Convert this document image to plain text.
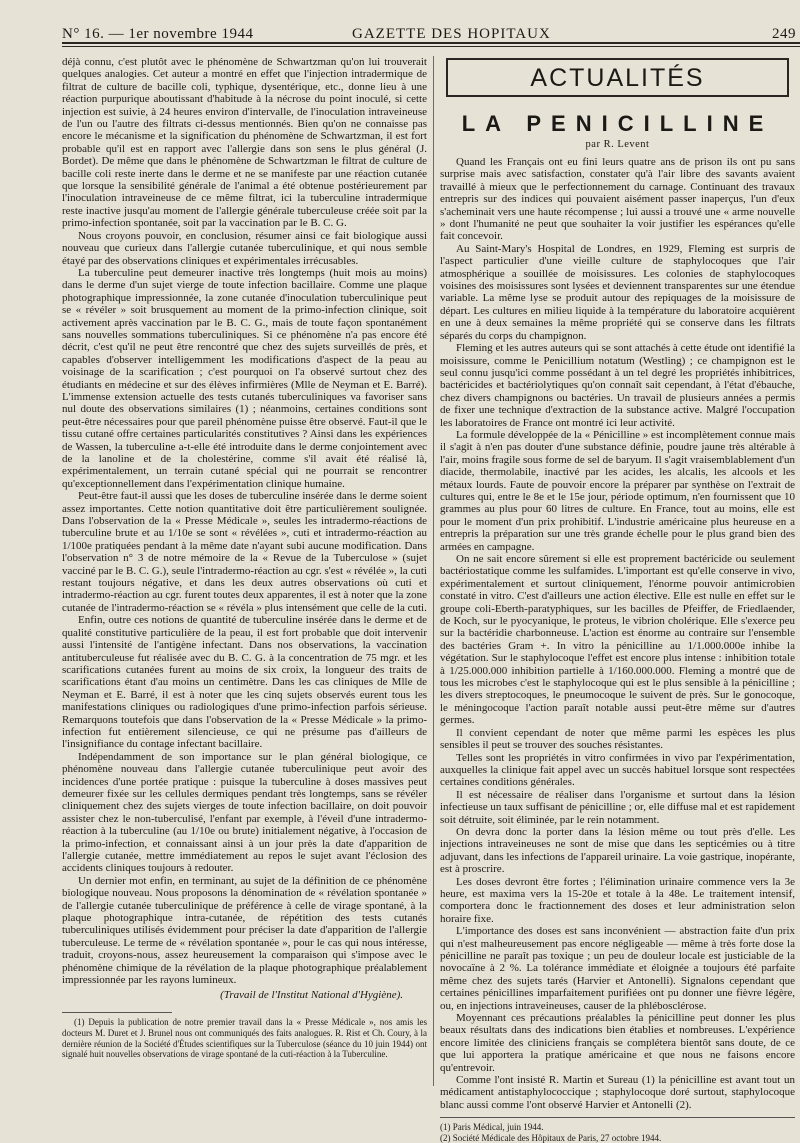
N° 16. — 1er novembre 1944	GAZETTE DES HOPITAUX	249

déjà connu, c'est plutôt avec le phénomène de Schwartzman qu'on lui trouverait quelques analogies. Cet auteur a montré en effet que l'injection intradermique de filtrat de culture de bacille coli, typhique, dysentérique, etc., donne lieu à une réaction purpurique aboutissant d'habitude à la nécrose du point inoculé, si cette injection est suivie, à 24 heures environ d'intervalle, de l'inoculation intraveineuse de l'un ou l'autre des filtrats ci-dessus mentionnés. Bien qu'on ne connaisse pas encore le mécanisme et la signification du phénomène de Schwartzman, il est fort probable qu'il est en rapport avec l'allergie dans son sens le plus général (J. Bordet). De même que dans le phénomène de Schwartzman le filtrat de culture de bacille coli reste inerte dans le derme et ne se manifeste par une réaction cutanée que lorsque la sensibilité générale de l'animal a été obtenue postérieurement par l'inoculation intraveineuse de ce même filtrat, ici la tuberculine intradermique reste inactive jusqu'au moment de l'allergie générale tuberculeuse créée soit par la primo-infection spontanée, soit par la vaccination par le B. C. G.

Nous croyons pouvoir, en conclusion, résumer ainsi ce fait biologique aussi nouveau que curieux dans l'allergie cutanée tuberculinique, et qui nous semble étayé par des observations cliniques et expérimentales irrécusables.

La tuberculine peut demeurer inactive très longtemps (huit mois au moins) dans le derme d'un sujet vierge de toute infection bacillaire. Comme une plaque photographique impressionnée, la zone cutanée d'inoculation tuberculinique peut se « révéler » soit brusquement au moment de la primo-infection clinique, soit activement après vaccination par le B. C. G., mais de toute façon spontanément sans nouvelles sommations tuberculiniques. Si ce phénomène n'a pas encore été décrit, c'est qu'il ne peut être rencontré que chez des sujets surveillés de près, et capables d'observer intelligemment les modifications d'aspect de la peau au voisinage de la scarification ; c'est pourquoi on l'a observé surtout chez des étudiants en médecine et sur des élèves infirmières (Mlle de Neyman et E. Barré). L'immense extension actuelle des tests cutanés tuberculiniques va favoriser sans nul doute des observations similaires (1) ; néanmoins, certaines conditions sont peut-être nécessaires pour que pareil phénomène puisse être observé. Faut-il que le tissu cutané offre certaines particularités constitutives ? Ainsi dans les expériences de Wassen, la tuberculine a-t-elle été introduite dans le derme conjointement avec de la lanoline et de la cholestérine, comme s'il avait été réalisé là, expérimentalement, un terrain cutané spécial qui ne pourrait se rencontrer qu'exceptionnellement dans l'expérimentation clinique humaine.

Peut-être faut-il aussi que les doses de tuberculine insérée dans le derme soient assez importantes. Cette notion quantitative doit être particulièrement soulignée. Dans l'observation de la « Presse Médicale », seules les intradermo-réactions de tuberculine brute et au 1/10e se sont « révélées », cuti et intradermo-réaction au 1/100e pratiquées pendant à la même date n'ayant subi aucune modification. Dans l'observation n° 3 de notre mémoire de la « Revue de la Tuberculose » (sujet vacciné par le B. C. G.), seule l'intradermo-réaction au cgr. s'est « révélée », la cuti restant toujours négative, et dans les deux autres observations où cuti et intradermo-réaction au cgr. furent toutes deux apparentes, il est à noter que la zone cutanée de l'intradermo-réaction se « révéla » plus intensément que celle de la cuti.

Enfin, outre ces notions de quantité de tuberculine insérée dans le derme et de qualité constitutive particulière de la peau, il est fort probable que doit intervenir aussi l'intensité de l'antigène infectant. Dans nos observations, la vaccination antituberculeuse fut réalisée avec du B. C. G. à la concentration de 75 mgr. et les scarifications cutanées furent au moins de six croix, la longueur des traits de scarifications étant d'au moins un centimètre. Dans les cas cliniques de Mlle de Neyman et E. Barré, il est à noter que les cinq sujets observés eurent tous les manifestations cliniques ou radiologiques d'une primo-infection parfois sérieuse. Remarquons toutefois que dans l'observation de la « Presse Médicale » la primo-infection fut entièrement silencieuse, ce qui ne présume pas d'ailleurs de l'insignifiance du contage infectant bacillaire.

Indépendamment de son importance sur le plan général biologique, ce phénomène nouveau dans l'allergie cutanée tuberculinique peut avoir des incidences d'une portée pratique : puisque la tuberculine à doses massives peut demeurer fixée sur les cellules dermiques pendant très longtemps, sans se révéler cliniquement chez des sujets vierges de toute infection bacillaire, on doit pouvoir assister chez le non-tuberculisé, l'enfant par exemple, à l'éveil d'une intradermo-réaction à la tuberculine (au 1/10e ou brute) initialement négative, à l'occasion de la primo-infection, et connaissant ainsi à un jour près la date d'apparition de l'allergie cutanée, mettre immédiatement au repos le sujet avant l'éclosion des accidents cliniques toujours à redouter.

Un dernier mot enfin, en terminant, au sujet de la définition de ce phénomène biologique nouveau. Nous proposons la dénomination de « révélation spontanée » de l'allergie cutanée tuberculinique de préférence à celle de virage spontané, à la plaque photographique intra-cutanée, de répétition des tests cutanés tuberculiniques utilisés évidemment pour préciser la date d'apparition de l'allergie tuberculeuse. Le terme de « révélation spontanée », pour le cas qui nous intéresse, traduit, croyons-nous, assez heureusement la comparaison qui s'impose avec le phénomène chimique de la révélation de la plaque photographique préalablement impressionnée par les rayons lumineux.

(Travail de l'Institut National d'Hygiène).

(1) Depuis la publication de notre premier travail dans la « Presse Médicale », nos amis les docteurs M. Duret et J. Brunel nous ont communiqués des faits analogues. R. Rist et Ch. Coury, à la dernière réunion de la Société d'Études scientifiques sur la Tuberculose (séance du 10 juin 1944) ont signalé huit nouvelles observations de virage spontané de la cuti-réaction à la Tuberculine.

ACTUALITÉS
LA PENICILLINE
par R. Levent

Quand les Français ont eu fini leurs quatre ans de prison ils ont pu sans surprise mais avec satisfaction, constater qu'à l'air libre des savants avaient travaillé à mieux que le perfectionnement du carnage. Continuant des travaux entrepris sur des indices qui pouvaient aisément passer inaperçus, l'un d'eux s'acheminait vers une haute récompense ; lui aussi a trouvé une « arme nouvelle » dont l'humanité ne peut que souhaiter la voir justifier les espérances qu'elle fait concevoir.

Au Saint-Mary's Hospital de Londres, en 1929, Fleming est surpris de l'aspect particulier d'une vieille culture de staphylocoques que l'air atmosphérique a souillée de moisissures. Les colonies de staphylocoques voisines des moisissures sont lysées et deviennent transparentes sur une étendue variable. La même lyse se produit autour des repiquages de la moisissure de départ. Les cultures en milieu liquide à la température du laboratoire acquièrent en une à deux semaines la même propriété qui se conserve dans les filtrats séparés du corps du champignon.

Fleming et les autres auteurs qui se sont attachés à cette étude ont identifié la moisissure, comme le Penicillium notatum (Westling) ; ce champignon est le seul connu jusqu'ici comme possédant à un tel degré les propriétés inhibitrices, bactéricides et bactériolytiques qu'on connaît sait cependant, à l'état d'ébauche, chez divers champignons ou bactéries. Un travail de plusieurs années a permis de fixer une technique d'extraction de la substance active. Malgré l'occupation les laboratoires de France ont montré ici leur activité.

La formule développée de la « Pénicilline » est incomplètement connue mais il s'agit à n'en pas douter d'une substance définie, poudre jaune très altérable à l'air, moins fragile sous forme de sel de baryum. Il s'agit vraisemblablement d'un diacide, thermolabile, inactivé par les acides, les alcalis, les alcools et les métaux lourds. Faute de pouvoir encore la préparer par synthèse on l'extrait de cultures qui, entre le 8e et le 15e jour, période optimum, n'en fournissent que 10 grammes au plus pour 60 litres de culture. En France, tout au moins, elle est pour le moment d'un prix prohibitif. L'industrie américaine plus heureuse en a entrepris la préparation sur une très grande échelle pour le plus grand bien des armées en campagne.

On ne sait encore sûrement si elle est proprement bactéricide ou seulement bactériostatique comme les sulfamides. L'important est qu'elle conserve in vivo, expérimentalement et surtout cliniquement, l'énorme pouvoir antimicrobien constaté in vitro. C'est d'ailleurs une action élective. Elle est nulle en effet sur le groupe coli-Eberth-paratyphiques, sur les bacilles de Pfeiffer, de Friedlaender, de Koch, sur le pyocyanique, le proteus, le vibrion cholérique. Elle s'exerce peu sur la bactéridie charbonneuse. L'action est énorme au contraire sur l'ensemble des bactéries Gram +. In vitro la pénicilline au 1/1.000.000e inhibe la végétation. Sur le staphylocoque l'effet est encore plus intense : inhibition totale à 1/25.000.000 inhibition partielle à 1/160.000.000. Fleming a montré que de tous les microbes c'est le staphylocoque qui est le plus sensible à la pénicilline ; les divers streptocoques, le pneumocoque le suivent de près. Sur le gonocoque, le méningocoque l'action paraît notable aussi peut-être même sur d'autres germes.

Il convient cependant de noter que même parmi les espèces les plus sensibles il peut se trouver des souches résistantes.

Telles sont les propriétés in vitro confirmées in vivo par l'expérimentation, auxquelles la clinique fait appel avec un succès habituel lorsque sont respectées certaines conditions générales.

Il est nécessaire de réaliser dans l'organisme et surtout dans la lésion infectieuse un taux suffisant de pénicilline ; or, elle diffuse mal et est rapidement soit détruite, soit éliminée, par le rein notamment.

On devra donc la porter dans la lésion même ou tout près d'elle. Les injections intraveineuses ne sont de mise que dans les septicémies ou à titre adjuvant, dans les infections de l'appareil urinaire. La voie gastrique, inopérante, est à proscrire.

Les doses devront être fortes ; l'élimination urinaire commence vers la 3e heure, est maxima vers la 15-20e et totale à la 48e. Le traitement intensif, comportera donc le fractionnement des doses et leur administration selon horaire fixe.

L'importance des doses est sans inconvénient — abstraction faite d'un prix qui n'est malheureusement pas encore négligeable — même à très forte dose la pénicilline ne paraît pas toxique ; un peu de douleur locale est justiciable de la novocaïne à 2 %. La tolérance immédiate et éloignée a toujours été parfaite même chez des sujets tarés (Harvier et Antonelli). Signalons cependant que certaines pénicillines imparfaitement purifiées ont pu donner une fièvre légère, ou, en injections intraveineuses, causer de la phlébosclérose.

Moyennant ces précautions préalables la pénicilline peut donner les plus beaux résultats dans des indications bien établies et nombreuses. L'expérience encore limitée des cliniciens français se complétera bientôt sans doute, de ce que lui apportera la pratique américaine et que nous ne faisons encore qu'entrevoir.

Comme l'ont insisté R. Martin et Sureau (1) la pénicilline est avant tout un médicament antistaphylococcique ; staphylocoque doré surtout, staphylocoque blanc aussi comme l'ont observé Harvier et Antonelli (2).

(1) Paris Médical, juin 1944.

(2) Société Médicale des Hôpitaux de Paris, 27 octobre 1944.
